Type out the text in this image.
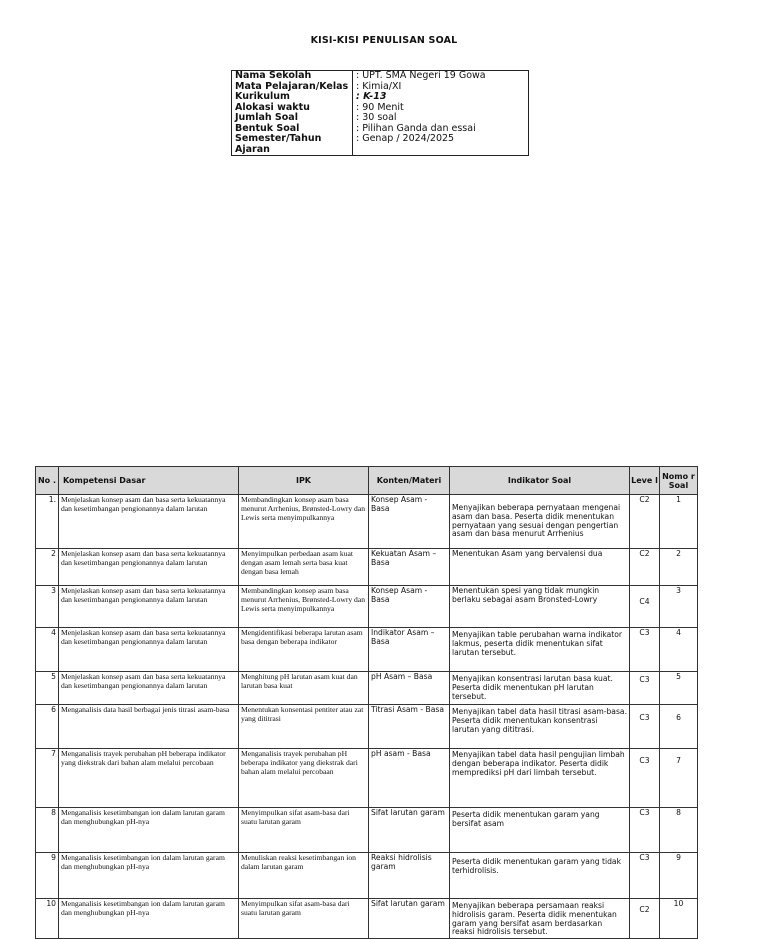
KISI-KISI PENULISAN SOAL
Nama Sekolah	: UPT. SMA Negeri 19 Gowa
Mata Pelajaran/Kelas	: Kimia/XI
Kurikulum	: K-13
Alokasi waktu	: 90 Menit
Jumlah Soal	: 30 soal
Bentuk Soal	: Pilihan Ganda dan essai
Semester/Tahun Ajaran	: Genap / 2024/2025
No .	Kompetensi Dasar	IPK	Konten/Materi	Indikator Soal	Leve l	Nomo r Soal
1.	Menjelaskan konsep asam dan basa serta kekuatannya dan kesetimbangan pengionannya dalam larutan	Membandingkan konsep asam basa menurut Arrhenius, Brønsted-Lowry dan Lewis serta menyimpulkannya	Konsep Asam - Basa	Menyajikan beberapa pernyataan mengenai asam dan basa. Peserta didik menentukan pernyataan yang sesuai dengan pengertian asam dan basa menurut Arrhenius	C2	1
2	Menjelaskan konsep asam dan basa serta kekuatannya dan kesetimbangan pengionannya dalam larutan	Menyimpulkan perbedaan asam kuat dengan asam lemah serta basa kuat dengan basa lemah	Kekuatan Asam – Basa	Menentukan Asam yang bervalensi dua	C2	2
3	Menjelaskan konsep asam dan basa serta kekuatannya dan kesetimbangan pengionannya dalam larutan	Membandingkan konsep asam basa menurut Arrhenius, Brønsted-Lowry dan Lewis serta menyimpulkannya	Konsep Asam - Basa	Menentukan spesi yang tidak mungkin berlaku sebagai asam Bronsted-Lowry	C4	3
4	Menjelaskan konsep asam dan basa serta kekuatannya dan kesetimbangan pengionannya dalam larutan	Mengidentifikasi beberapa larutan asam basa dengan beberapa indikator	Indikator Asam – Basa	Menyajikan table perubahan warna indikator lakmus, peserta didik menentukan sifat larutan tersebut.	C3	4
5	Menjelaskan konsep asam dan basa serta kekuatannya dan kesetimbangan pengionannya dalam larutan	Menghitung pH larutan asam kuat dan larutan basa kuat	pH Asam – Basa	Menyajikan konsentrasi larutan basa kuat. Peserta didik menentukan pH larutan tersebut.	C3	5
6	Menganalisis data hasil berbagai jenis titrasi asam-basa	Menentukan konsentasi pentiter atau zat yang dititrasi	Titrasi Asam - Basa	Menyajikan tabel data hasil titrasi asam-basa. Peserta didik menentukan konsentrasi larutan yang dititrasi.	C3	6
7	Menganalisis trayek perubahan pH beberapa indikator yang diekstrak dari bahan alam melalui percobaan	Menganalisis trayek perubahan pH beberapa indikator yang diekstrak dari bahan alam melalui percobaan	pH asam - Basa	Menyajikan tabel data hasil pengujian limbah dengan beberapa indikator. Peserta didik memprediksi pH dari limbah tersebut.	C3	7
8	Menganalisis kesetimbangan ion dalam larutan garam dan menghubungkan pH-nya	Menyimpulkan sifat asam-basa dari suatu larutan garam	Sifat larutan garam	Peserta didik menentukan garam yang bersifat asam	C3	8
9	Menganalisis kesetimbangan ion dalam larutan garam dan menghubungkan pH-nya	Menuliskan reaksi kesetimbangan ion dalam larutan garam	Reaksi hidrolisis garam	Peserta didik menentukan garam yang tidak terhidrolisis.	C3	9
10	Menganalisis kesetimbangan ion dalam larutan garam dan menghubungkan pH-nya	Menyimpulkan sifat asam-basa dari suatu larutan garam	Sifat larutan garam	Menyajikan beberapa persamaan reaksi hidrolisis garam. Peserta didik menentukan garam yang bersifat asam berdasarkan reaksi hidrolisis tersebut.	C2	10
